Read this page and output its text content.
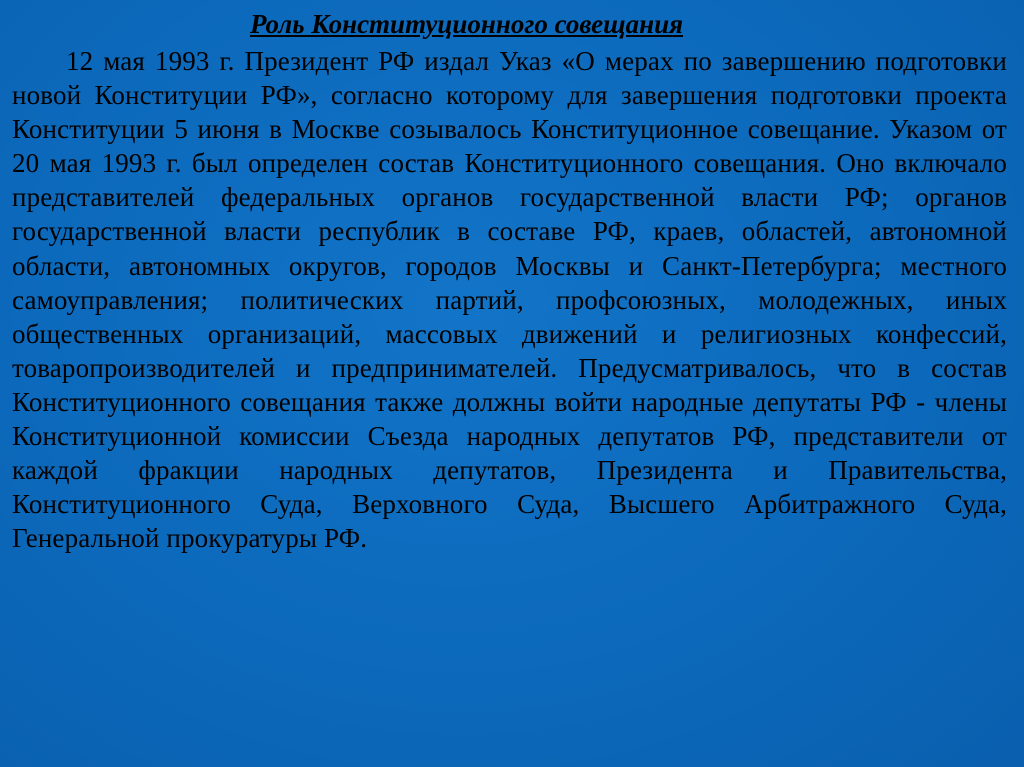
Роль Конституционного совещания

12 мая 1993 г. Президент РФ издал Указ «О мерах по завершению подготовки новой Конституции РФ», согласно которому для завершения подготовки проекта Конституции 5 июня в Москве созывалось Конституционное совещание. Указом от 20 мая 1993 г. был определен состав Конституционного совещания. Оно включало представителей федеральных органов государственной власти РФ; органов государственной власти республик в составе РФ, краев, областей, автономной области, автономных округов, городов Москвы и Санкт-Петербурга; местного самоуправления; политических партий, профсоюзных, молодежных, иных общественных организаций, массовых движений и религиозных конфессий, товаропроизводителей и предпринимателей. Предусматривалось, что в состав Конституционного совещания также должны войти народные депутаты РФ - члены Конституционной комиссии Съезда народных депутатов РФ, представители от каждой фракции народных депутатов, Президента и Правительства, Конституционного Суда, Верховного Суда, Высшего Арбитражного Суда, Генеральной прокуратуры РФ.
